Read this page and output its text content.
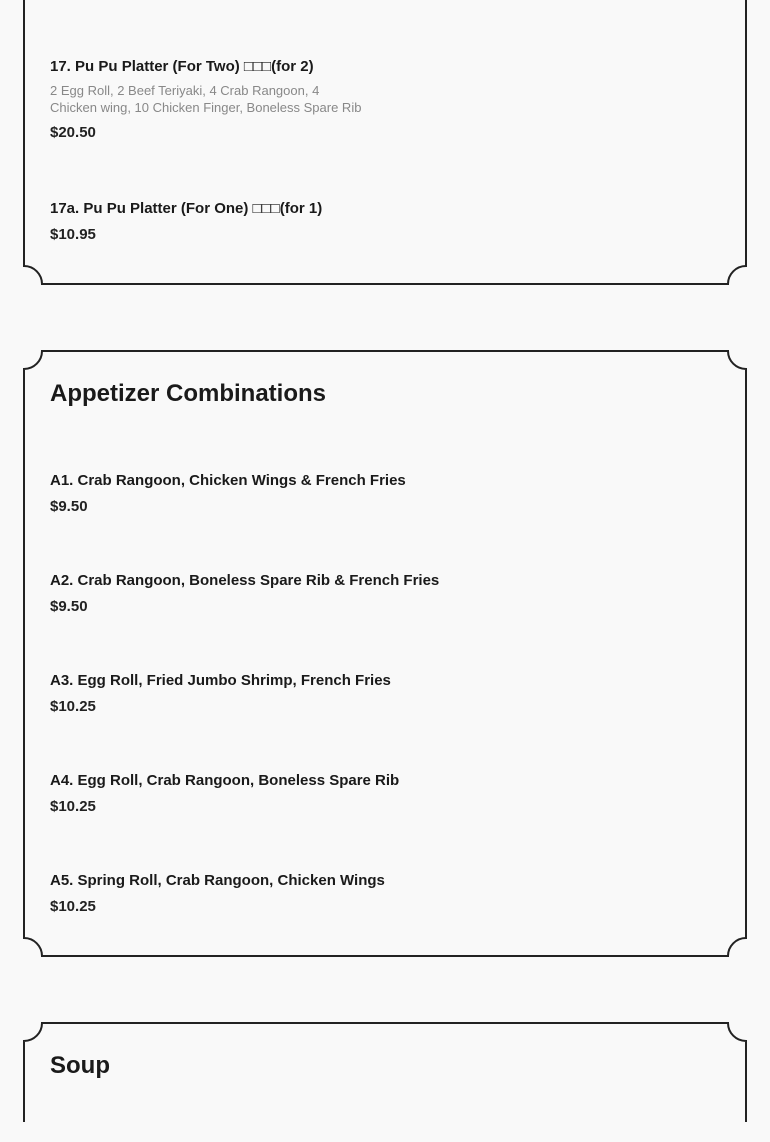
17. Pu Pu Platter (For Two) □□□(for 2)
2 Egg Roll, 2 Beef Teriyaki, 4 Crab Rangoon, 4
Chicken wing, 10 Chicken Finger, Boneless Spare Rib
$20.50
17a. Pu Pu Platter (For One) □□□(for 1)
$10.95
Appetizer Combinations
A1. Crab Rangoon, Chicken Wings & French Fries
$9.50
A2. Crab Rangoon, Boneless Spare Rib & French Fries
$9.50
A3. Egg Roll, Fried Jumbo Shrimp, French Fries
$10.25
A4. Egg Roll, Crab Rangoon, Boneless Spare Rib
$10.25
A5. Spring Roll, Crab Rangoon, Chicken Wings
$10.25
Soup
